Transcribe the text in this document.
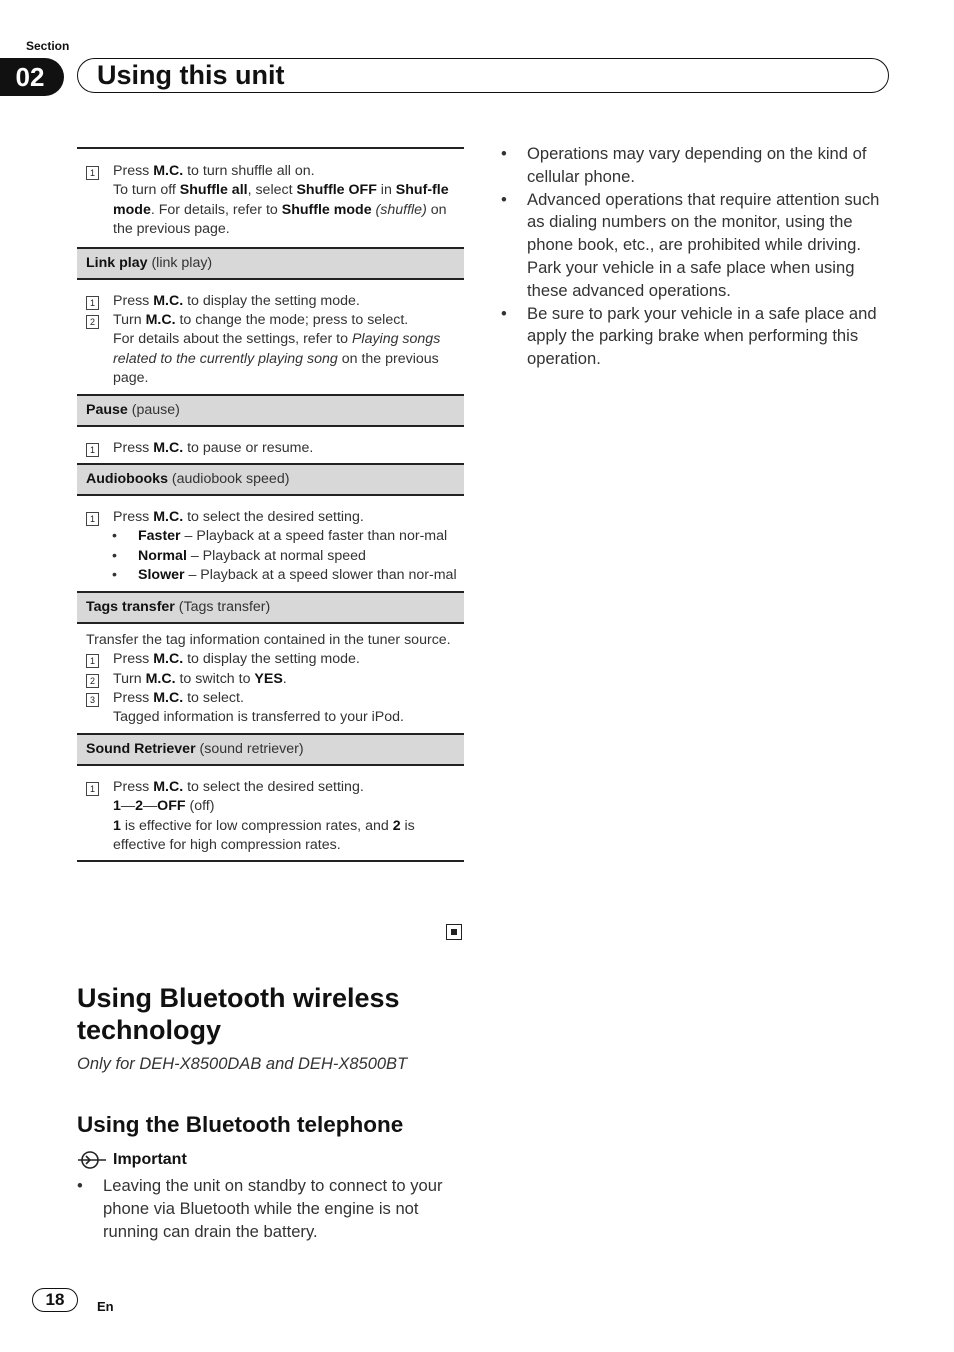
Section
02	Using this unit
1 Press M.C. to turn shuffle all on.
To turn off Shuffle all, select Shuffle OFF in Shuf-fle mode. For details, refer to Shuffle mode (shuffle) on the previous page.
Link play (link play)
1 Press M.C. to display the setting mode.
2 Turn M.C. to change the mode; press to select.
For details about the settings, refer to Playing songs related to the currently playing song on the previous page.
Pause (pause)
1 Press M.C. to pause or resume.
Audiobooks (audiobook speed)
1 Press M.C. to select the desired setting.
•	Faster – Playback at a speed faster than nor-mal
•	Normal – Playback at normal speed
•	Slower – Playback at a speed slower than nor-mal
Tags transfer (Tags transfer)
Transfer the tag information contained in the tuner source.
1 Press M.C. to display the setting mode.
2 Turn M.C. to switch to YES.
3 Press M.C. to select.
Tagged information is transferred to your iPod.
Sound Retriever (sound retriever)
1 Press M.C. to select the desired setting.
1—2—OFF (off)
1 is effective for low compression rates, and 2 is effective for high compression rates.
Using Bluetooth wireless technology
Only for DEH-X8500DAB and DEH-X8500BT
Using the Bluetooth telephone
Important
•	Leaving the unit on standby to connect to your phone via Bluetooth while the engine is not running can drain the battery.
•	Operations may vary depending on the kind of cellular phone.
•	Advanced operations that require attention such as dialing numbers on the monitor, using the phone book, etc., are prohibited while driving. Park your vehicle in a safe place when using these advanced operations.
•	Be sure to park your vehicle in a safe place and apply the parking brake when performing this operation.
18	En
